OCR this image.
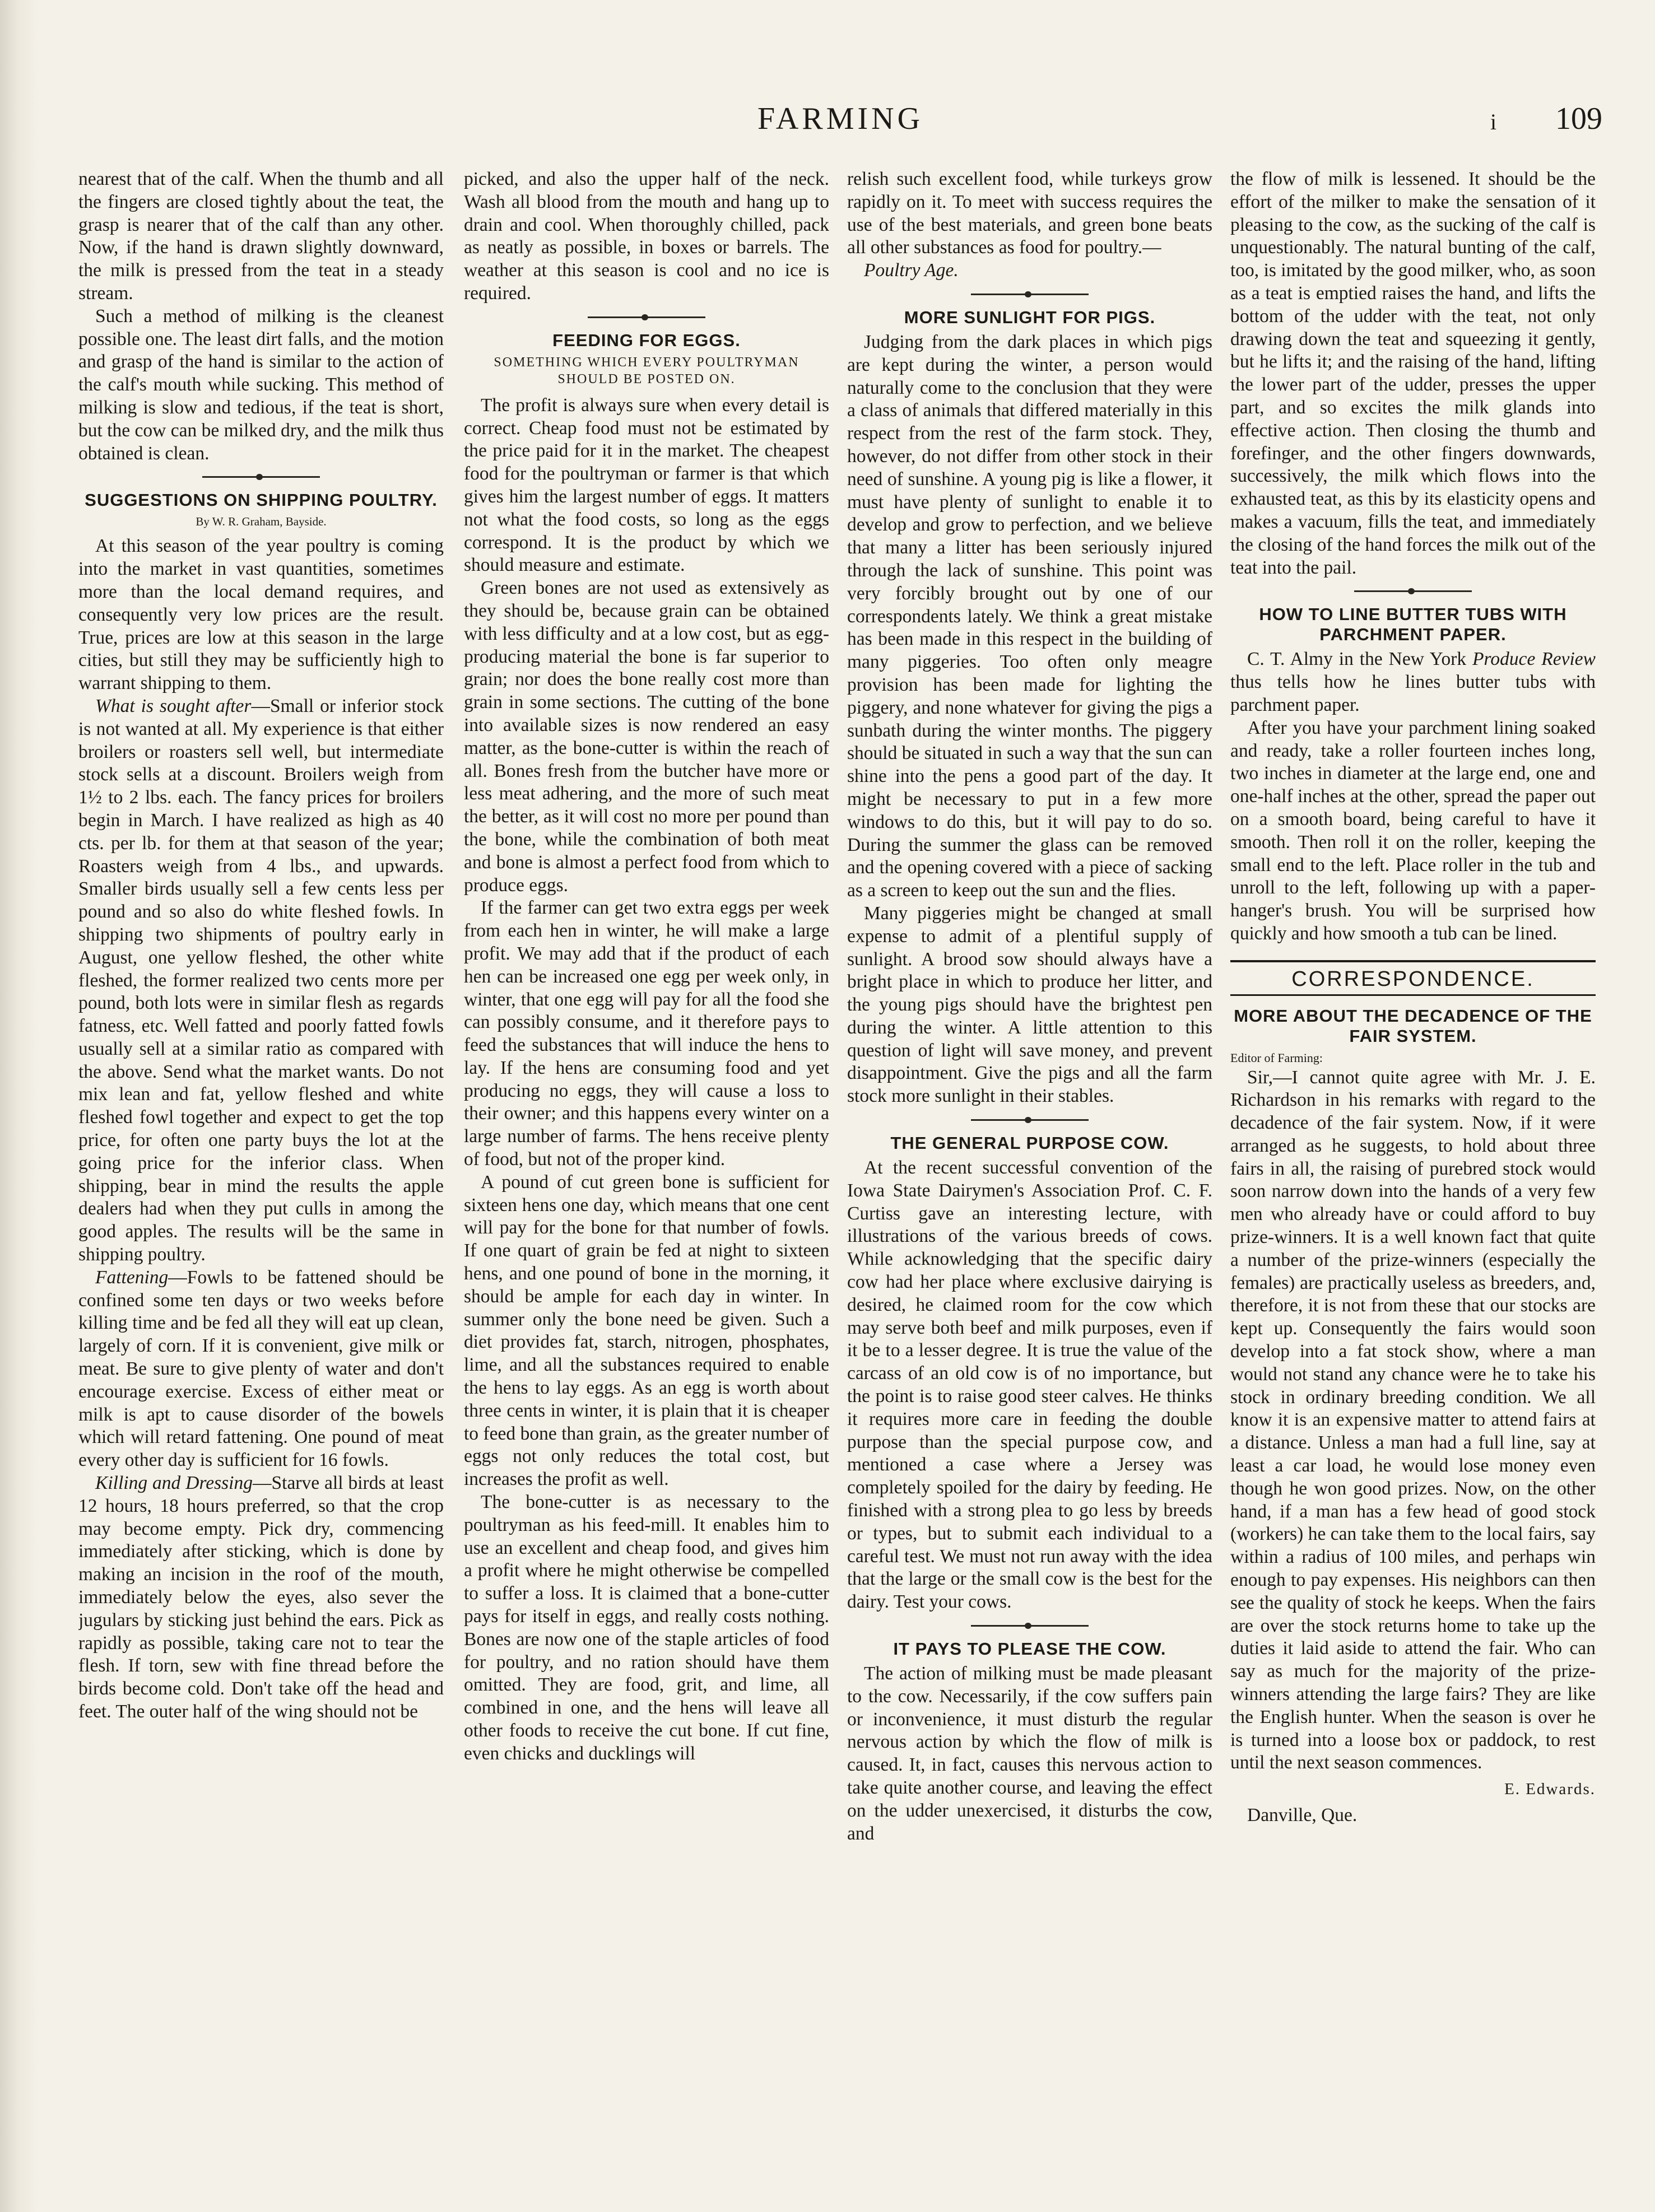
FARMING	i 109

nearest that of the calf. When the thumb and all the fingers are closed tightly about the teat, the grasp is nearer that of the calf than any other. Now, if the hand is drawn slightly downward, the milk is pressed from the teat in a steady stream.

Such a method of milking is the cleanest possible one. The least dirt falls, and the motion and grasp of the hand is similar to the action of the calf's mouth while sucking. This method of milking is slow and tedious, if the teat is short, but the cow can be milked dry, and the milk thus obtained is clean.

SUGGESTIONS ON SHIPPING POULTRY.
By W. R. Graham, Bayside.

At this season of the year poultry is coming into the market in vast quantities, sometimes more than the local demand requires, and consequently very low prices are the result. True, prices are low at this season in the large cities, but still they may be sufficiently high to warrant shipping to them.

What is sought after—Small or inferior stock is not wanted at all. My experience is that either broilers or roasters sell well, but intermediate stock sells at a discount. Broilers weigh from 1½ to 2 lbs. each. The fancy prices for broilers begin in March. I have realized as high as 40 cts. per lb. for them at that season of the year; Roasters weigh from 4 lbs., and upwards. Smaller birds usually sell a few cents less per pound and so also do white fleshed fowls. In shipping two shipments of poultry early in August, one yellow fleshed, the other white fleshed, the former realized two cents more per pound, both lots were in similar flesh as regards fatness, etc. Well fatted and poorly fatted fowls usually sell at a similar ratio as compared with the above. Send what the market wants. Do not mix lean and fat, yellow fleshed and white fleshed fowl together and expect to get the top price, for often one party buys the lot at the going price for the inferior class. When shipping, bear in mind the results the apple dealers had when they put culls in among the good apples. The results will be the same in shipping poultry.

Fattening—Fowls to be fattened should be confined some ten days or two weeks before killing time and be fed all they will eat up clean, largely of corn. If it is convenient, give milk or meat. Be sure to give plenty of water and don't encourage exercise. Excess of either meat or milk is apt to cause disorder of the bowels which will retard fattening. One pound of meat every other day is sufficient for 16 fowls.

Killing and Dressing—Starve all birds at least 12 hours, 18 hours preferred, so that the crop may become empty. Pick dry, commencing immediately after sticking, which is done by making an incision in the roof of the mouth, immediately below the eyes, also sever the jugulars by sticking just behind the ears. Pick as rapidly as possible, taking care not to tear the flesh. If torn, sew with fine thread before the birds become cold. Don't take off the head and feet. The outer half of the wing should not be

picked, and also the upper half of the neck. Wash all blood from the mouth and hang up to drain and cool. When thoroughly chilled, pack as neatly as possible, in boxes or barrels. The weather at this season is cool and no ice is required.

FEEDING FOR EGGS.
SOMETHING WHICH EVERY POULTRYMAN SHOULD BE POSTED ON.

The profit is always sure when every detail is correct. Cheap food must not be estimated by the price paid for it in the market. The cheapest food for the poultryman or farmer is that which gives him the largest number of eggs. It matters not what the food costs, so long as the eggs correspond. It is the product by which we should measure and estimate.

Green bones are not used as extensively as they should be, because grain can be obtained with less difficulty and at a low cost, but as egg-producing material the bone is far superior to grain; nor does the bone really cost more than grain in some sections. The cutting of the bone into available sizes is now rendered an easy matter, as the bone-cutter is within the reach of all. Bones fresh from the butcher have more or less meat adhering, and the more of such meat the better, as it will cost no more per pound than the bone, while the combination of both meat and bone is almost a perfect food from which to produce eggs.

If the farmer can get two extra eggs per week from each hen in winter, he will make a large profit. We may add that if the product of each hen can be increased one egg per week only, in winter, that one egg will pay for all the food she can possibly consume, and it therefore pays to feed the substances that will induce the hens to lay. If the hens are consuming food and yet producing no eggs, they will cause a loss to their owner; and this happens every winter on a large number of farms. The hens receive plenty of food, but not of the proper kind.

A pound of cut green bone is sufficient for sixteen hens one day, which means that one cent will pay for the bone for that number of fowls. If one quart of grain be fed at night to sixteen hens, and one pound of bone in the morning, it should be ample for each day in winter. In summer only the bone need be given. Such a diet provides fat, starch, nitrogen, phosphates, lime, and all the substances required to enable the hens to lay eggs. As an egg is worth about three cents in winter, it is plain that it is cheaper to feed bone than grain, as the greater number of eggs not only reduces the total cost, but increases the profit as well.

The bone-cutter is as necessary to the poultryman as his feed-mill. It enables him to use an excellent and cheap food, and gives him a profit where he might otherwise be compelled to suffer a loss. It is claimed that a bone-cutter pays for itself in eggs, and really costs nothing. Bones are now one of the staple articles of food for poultry, and no ration should have them omitted. They are food, grit, and lime, all combined in one, and the hens will leave all other foods to receive the cut bone. If cut fine, even chicks and ducklings will

relish such excellent food, while turkeys grow rapidly on it. To meet with success requires the use of the best materials, and green bone beats all other substances as food for poultry.—

Poultry Age.

MORE SUNLIGHT FOR PIGS.

Judging from the dark places in which pigs are kept during the winter, a person would naturally come to the conclusion that they were a class of animals that differed materially in this respect from the rest of the farm stock. They, however, do not differ from other stock in their need of sunshine. A young pig is like a flower, it must have plenty of sunlight to enable it to develop and grow to perfection, and we believe that many a litter has been seriously injured through the lack of sunshine. This point was very forcibly brought out by one of our correspondents lately. We think a great mistake has been made in this respect in the building of many piggeries. Too often only meagre provision has been made for lighting the piggery, and none whatever for giving the pigs a sunbath during the winter months. The piggery should be situated in such a way that the sun can shine into the pens a good part of the day. It might be necessary to put in a few more windows to do this, but it will pay to do so. During the summer the glass can be removed and the opening covered with a piece of sacking as a screen to keep out the sun and the flies.

Many piggeries might be changed at small expense to admit of a plentiful supply of sunlight. A brood sow should always have a bright place in which to produce her litter, and the young pigs should have the brightest pen during the winter. A little attention to this question of light will save money, and prevent disappointment. Give the pigs and all the farm stock more sunlight in their stables.

THE GENERAL PURPOSE COW.

At the recent successful convention of the Iowa State Dairymen's Association Prof. C. F. Curtiss gave an interesting lecture, with illustrations of the various breeds of cows. While acknowledging that the specific dairy cow had her place where exclusive dairying is desired, he claimed room for the cow which may serve both beef and milk purposes, even if it be to a lesser degree. It is true the value of the carcass of an old cow is of no importance, but the point is to raise good steer calves. He thinks it requires more care in feeding the double purpose than the special purpose cow, and mentioned a case where a Jersey was completely spoiled for the dairy by feeding. He finished with a strong plea to go less by breeds or types, but to submit each individual to a careful test. We must not run away with the idea that the large or the small cow is the best for the dairy. Test your cows.

IT PAYS TO PLEASE THE COW.

The action of milking must be made pleasant to the cow. Necessarily, if the cow suffers pain or inconvenience, it must disturb the regular nervous action by which the flow of milk is caused. It, in fact, causes this nervous action to take quite another course, and leaving the effect on the udder unexercised, it disturbs the cow, and

the flow of milk is lessened. It should be the effort of the milker to make the sensation of it pleasing to the cow, as the sucking of the calf is unquestionably. The natural bunting of the calf, too, is imitated by the good milker, who, as soon as a teat is emptied raises the hand, and lifts the bottom of the udder with the teat, not only drawing down the teat and squeezing it gently, but he lifts it; and the raising of the hand, lifting the lower part of the udder, presses the upper part, and so excites the milk glands into effective action. Then closing the thumb and forefinger, and the other fingers downwards, successively, the milk which flows into the exhausted teat, as this by its elasticity opens and makes a vacuum, fills the teat, and immediately the closing of the hand forces the milk out of the teat into the pail.

HOW TO LINE BUTTER TUBS WITH PARCHMENT PAPER.

C. T. Almy in the New York Produce Review thus tells how he lines butter tubs with parchment paper.

After you have your parchment lining soaked and ready, take a roller fourteen inches long, two inches in diameter at the large end, one and one-half inches at the other, spread the paper out on a smooth board, being careful to have it smooth. Then roll it on the roller, keeping the small end to the left. Place roller in the tub and unroll to the left, following up with a paper-hanger's brush. You will be surprised how quickly and how smooth a tub can be lined.

CORRESPONDENCE.
MORE ABOUT THE DECADENCE OF THE FAIR SYSTEM.
Editor of Farming:

Sir,—I cannot quite agree with Mr. J. E. Richardson in his remarks with regard to the decadence of the fair system. Now, if it were arranged as he suggests, to hold about three fairs in all, the raising of purebred stock would soon narrow down into the hands of a very few men who already have or could afford to buy prize-winners. It is a well known fact that quite a number of the prize-winners (especially the females) are practically useless as breeders, and, therefore, it is not from these that our stocks are kept up. Consequently the fairs would soon develop into a fat stock show, where a man would not stand any chance were he to take his stock in ordinary breeding condition. We all know it is an expensive matter to attend fairs at a distance. Unless a man had a full line, say at least a car load, he would lose money even though he won good prizes. Now, on the other hand, if a man has a few head of good stock (workers) he can take them to the local fairs, say within a radius of 100 miles, and perhaps win enough to pay expenses. His neighbors can then see the quality of stock he keeps. When the fairs are over the stock returns home to take up the duties it laid aside to attend the fair. Who can say as much for the majority of the prize-winners attending the large fairs? They are like the English hunter. When the season is over he is turned into a loose box or paddock, to rest until the next season commences.

E. Edwards.

Danville, Que.
